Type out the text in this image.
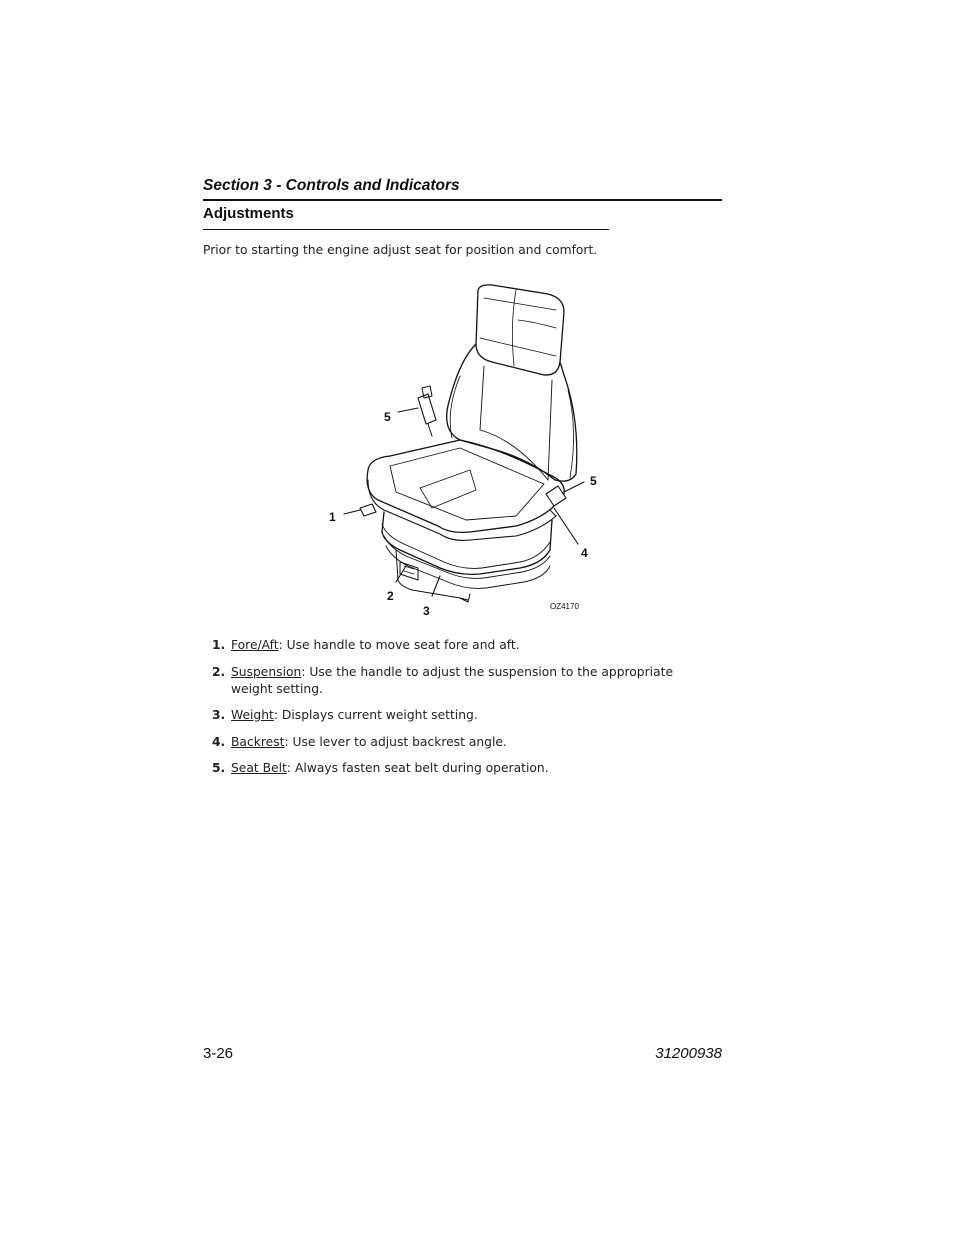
Section 3 - Controls and Indicators
Adjustments
Prior to starting the engine adjust seat for position and comfort.
5
1
5
4
2
3	OZ4170
1. Fore/Aft: Use handle to move seat fore and aft.
2. Suspension: Use the handle to adjust the suspension to the appropriate weight setting.
3. Weight: Displays current weight setting.
4. Backrest: Use lever to adjust backrest angle.
5. Seat Belt: Always fasten seat belt during operation.
3-26	31200938
